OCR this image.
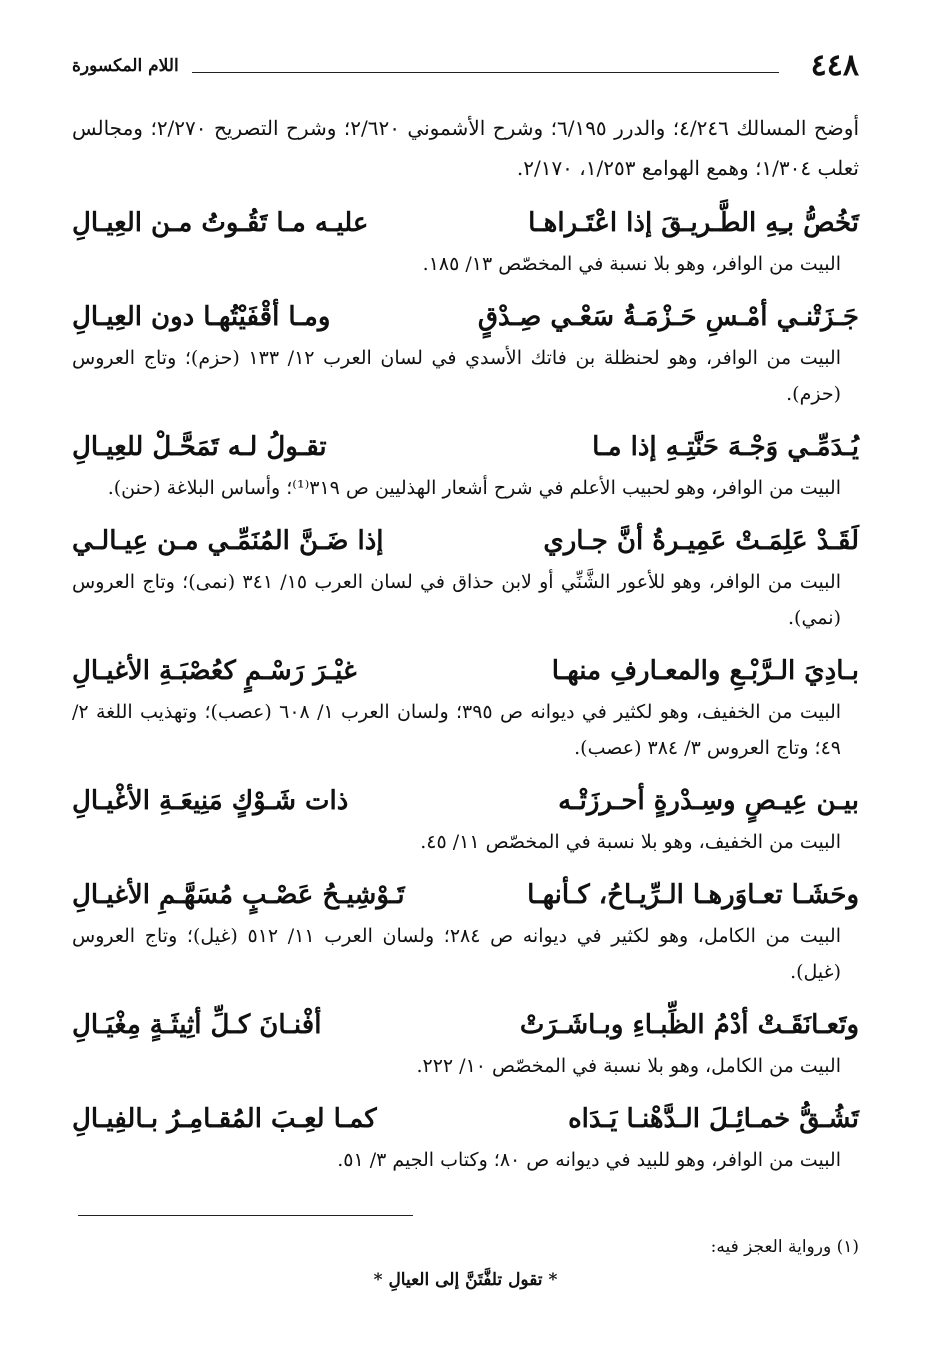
٤٤٨
اللام المكسورة

أوضح المسالك ٤/٢٤٦؛ والدرر ٦/١٩٥؛ وشرح الأشموني ٢/٦٢٠؛ وشرح التصريح ٢/٢٧٠؛ ومجالس ثعلب ١/٣٠٤؛ وهمع الهوامع ١/٢٥٣، ٢/١٧٠.

تَخُصُّ بـِهِ الطَّـريـقَ إذا اعْتَـراهـا
عليـه مـا تَقُـوتُ مـن العِيـالِ

البيت من الوافر، وهو بلا نسبة في المخصّص ١٣/ ١٨٥.

جَـزَتْنـي أمْـسِ حَـزْمَـةُ سَعْـي صِـدْقٍ
ومـا أقْفَيْتُهـا دون العِيـالِ

البيت من الوافر، وهو لحنظلة بن فاتك الأسدي في لسان العرب ١٢/ ١٣٣ (حزم)؛ وتاج العروس (حزم).

يُـدَمِّـي وَجْـهَ حَنَّتِـهِ إذا مـا
تقـولُ لـه تَمَحَّـلْ للعِيـالِ

البيت من الوافر، وهو لحبيب الأعلم في شرح أشعار الهذليين ص ٣١٩⁽¹⁾؛ وأساس البلاغة (حنن).

لَقَـدْ عَلِمَـتْ عَمِيـرةُ أنَّ جـاري
إذا ضَـنَّ المُنَمِّـي مـن عِيـالـي

البيت من الوافر، وهو للأعور الشَّنِّي أو لابن حذاق في لسان العرب ١٥/ ٣٤١ (نمى)؛ وتاج العروس (نمي).

بـادِيَ الـرَّبْـعِ والمعـارفِ منهـا
غيْـرَ رَسْـمٍ كعُصْبَـةِ الأغيـالِ

البيت من الخفيف، وهو لكثير في ديوانه ص ٣٩٥؛ ولسان العرب ١/ ٦٠٨ (عصب)؛ وتهذيب اللغة ٢/ ٤٩؛ وتاج العروس ٣/ ٣٨٤ (عصب).

بيـن عِيـصٍ وسِـدْرةٍ أحـرزَتْـه
ذات شَـوْكٍ مَنِيعَـةِ الأغْيـالِ

البيت من الخفيف، وهو بلا نسبة في المخصّص ١١/ ٤٥.

وحَشَـا تعـاوَرهـا الـرِّيـاحُ، كـأنهـا
تَـوْشِيـحُ عَصْـبٍ مُسَهَّـمِ الأغيـالِ

البيت من الكامل، وهو لكثير في ديوانه ص ٢٨٤؛ ولسان العرب ١١/ ٥١٢ (غيل)؛ وتاج العروس (غيل).

وتَعـانَقَـتْ أدْمُ الظِّبـاءِ وبـاشَـرَتْ
أفْنـانَ كـلِّ أثِيثَـةٍ مِغْيَـالِ

البيت من الكامل، وهو بلا نسبة في المخصّص ١٠/ ٢٢٢.

تَشُـقُّ خمـائِـلَ الـدَّهْنـا يَـدَاه
كمـا لعِـبَ المُقـامِـرُ بـالفِيـالِ

البيت من الوافر، وهو للبيد في ديوانه ص ٨٠؛ وكتاب الجيم ٣/ ٥١.

(١) ورواية العجز فيه:

* تقول تلفَّتَنَّ إلى العيالِ *
